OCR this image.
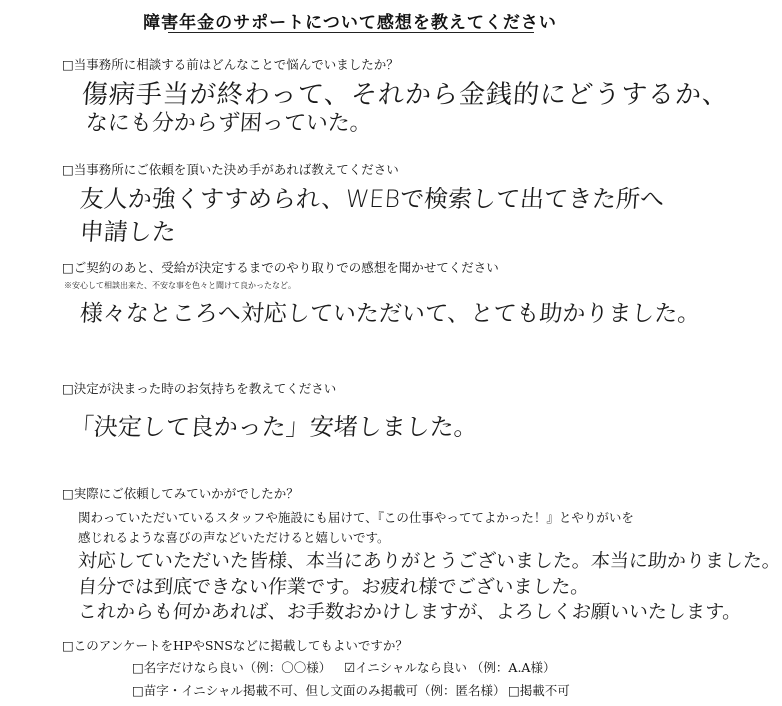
障害年金のサポートについて感想を教えてください
□当事務所に相談する前はどんなことで悩んでいましたか？
傷病手当が終わって、それから金銭的にどうするか、
なにも分からず困っていた。
□当事務所にご依頼を頂いた決め手があれば教えてください
友人か強くすすめられ、WEBで検索して出てきた所へ
申請した
□ご契約のあと、受給が決定するまでのやり取りでの感想を聞かせてください
※安心して相談出来た、不安な事を色々と聞けて良かったなど。
様々なところへ対応していただいて、とても助かりました。
□決定が決まった時のお気持ちを教えてください
「決定して良かった」安堵しました。
□実際にご依頼してみていかがでしたか？
関わっていただいているスタッフや施設にも届けて、『この仕事やっててよかった！』とやりがいを
感じれるような喜びの声などいただけると嬉しいです。
対応していただいた皆様、本当にありがとうございました。本当に助かりました。
自分では到底できない作業です。お疲れ様でございました。
これからも何かあれば、お手数おかけしますが、よろしくお願いいたします。
□このアンケートをHPやSNSなどに掲載してもよいですか？
□名字だけなら良い（例：〇〇様） ☑イニシャルなら良い （例：A.A様）
□苗字・イニシャル掲載不可、但し文面のみ掲載可（例：匿名様） □掲載不可
